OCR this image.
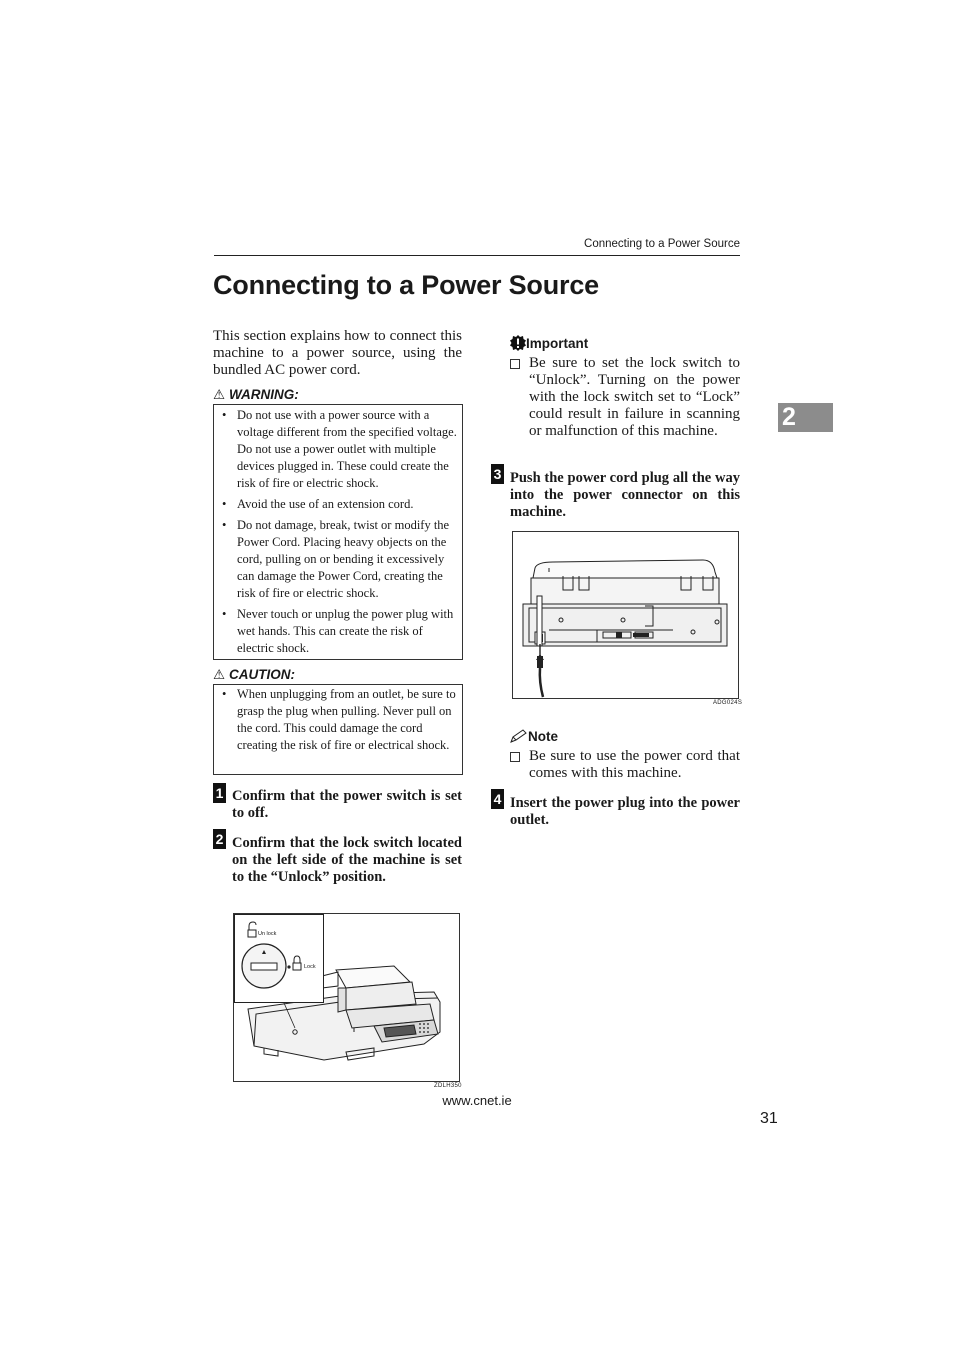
Connecting to a Power Source
Connecting to a Power Source
2
This section explains how to connect this machine to a power source, using the bundled AC power cord.
⚠ WARNING:
• Do not use with a power source with a voltage different from the specified voltage. Do not use a power outlet with multiple devices plugged in. These could create the risk of fire or electric shock.
• Avoid the use of an extension cord.
• Do not damage, break, twist or modify the Power Cord. Placing heavy objects on the cord, pulling on or bending it excessively can damage the Power Cord, creating the risk of fire or electric shock.
• Never touch or unplug the power plug with wet hands. This can create the risk of electric shock.
⚠ CAUTION:
• When unplugging from an outlet, be sure to grasp the plug when pulling. Never pull on the cord. This could damage the cord creating the risk of fire or electrical shock.
1 Confirm that the power switch is set to off.
2 Confirm that the lock switch located on the left side of the machine is set to the “Unlock” position.
Un lock
Lock
ZDLH350
Important
Be sure to set the lock switch to “Unlock”. Turning on the power with the lock switch set to “Lock” could result in failure in scanning or malfunction of this machine.
3 Push the power cord plug all the way into the power connector on this machine.
ADG024S
Note
Be sure to use the power cord that comes with this machine.
4 Insert the power plug into the power outlet.
www.cnet.ie
31
